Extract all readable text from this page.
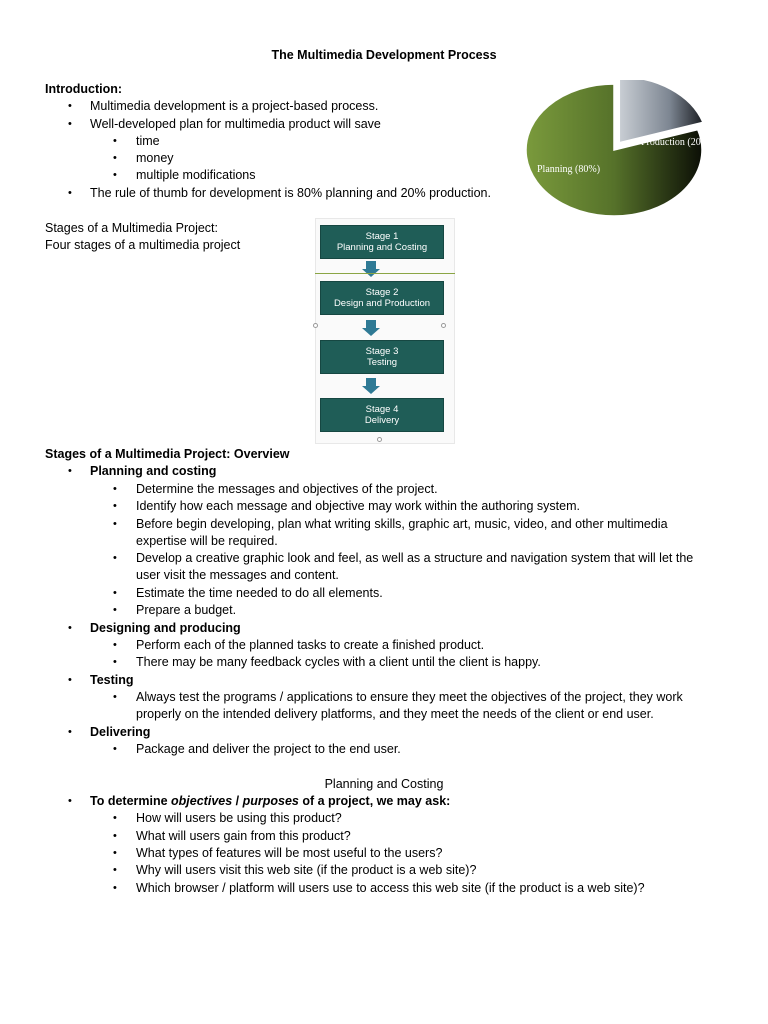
The Multimedia Development Process
Introduction:
• Multimedia development is a project-based process.
• Well-developed plan for multimedia product will save
• time
• money
• multiple modifications
• The rule of thumb for development is 80% planning and 20% production.
Production (20%)
Planning (80%)
Stages of a Multimedia Project:
Four stages of a multimedia project
Stage 1
Planning and Costing
Stage 2
Design and Production
Stage 3
Testing
Stage 4
Delivery
Stages of a Multimedia Project: Overview
• Planning and costing
• Determine the messages and objectives of the project.
• Identify how each message and objective may work within the authoring system.
• Before begin developing, plan what writing skills, graphic art, music, video, and other multimedia expertise will be required.
• Develop a creative graphic look and feel, as well as a structure and navigation system that will let the user visit the messages and content.
• Estimate the time needed to do all elements.
• Prepare a budget.
• Designing and producing
• Perform each of the planned tasks to create a finished product.
• There may be many feedback cycles with a client until the client is happy.
• Testing
• Always test the programs / applications to ensure they meet the objectives of the project, they work properly on the intended delivery platforms, and they meet the needs of the client or end user.
• Delivering
• Package and deliver the project to the end user.
Planning and Costing
• To determine objectives / purposes of a project, we may ask:
• How will users be using this product?
• What will users gain from this product?
• What types of features will be most useful to the users?
• Why will users visit this web site (if the product is a web site)?
• Which browser / platform will users use to access this web site (if the product is a web site)?
